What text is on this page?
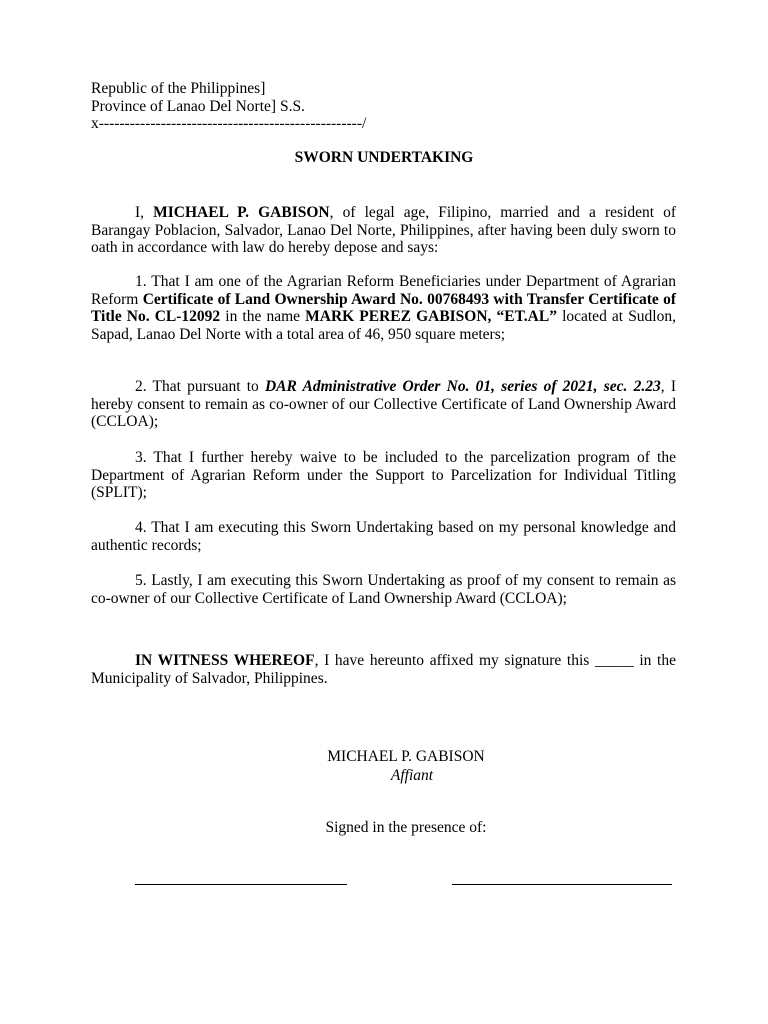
Republic of the Philippines]
Province of Lanao Del Norte] S.S.
x---------------------------------------------------/
SWORN UNDERTAKING

I, MICHAEL P. GABISON, of legal age, Filipino, married and a resident of Barangay Poblacion, Salvador, Lanao Del Norte, Philippines, after having been duly sworn to oath in accordance with law do hereby depose and says:

1. That I am one of the Agrarian Reform Beneficiaries under Department of Agrarian Reform Certificate of Land Ownership Award No. 00768493 with Transfer Certificate of Title No. CL-12092 in the name MARK PEREZ GABISON, “ET.AL” located at Sudlon, Sapad, Lanao Del Norte with a total area of 46, 950 square meters;

2. That pursuant to DAR Administrative Order No. 01, series of 2021, sec. 2.23, I hereby consent to remain as co-owner of our Collective Certificate of Land Ownership Award (CCLOA);

3. That I further hereby waive to be included to the parcelization program of the Department of Agrarian Reform under the Support to Parcelization for Individual Titling (SPLIT);

4. That I am executing this Sworn Undertaking based on my personal knowledge and authentic records;

5. Lastly, I am executing this Sworn Undertaking as proof of my consent to remain as co-owner of our Collective Certificate of Land Ownership Award (CCLOA);

IN WITNESS WHEREOF, I have hereunto affixed my signature this _____ in the Municipality of Salvador, Philippines.

MICHAEL P. GABISON
Affiant
Signed in the presence of:
